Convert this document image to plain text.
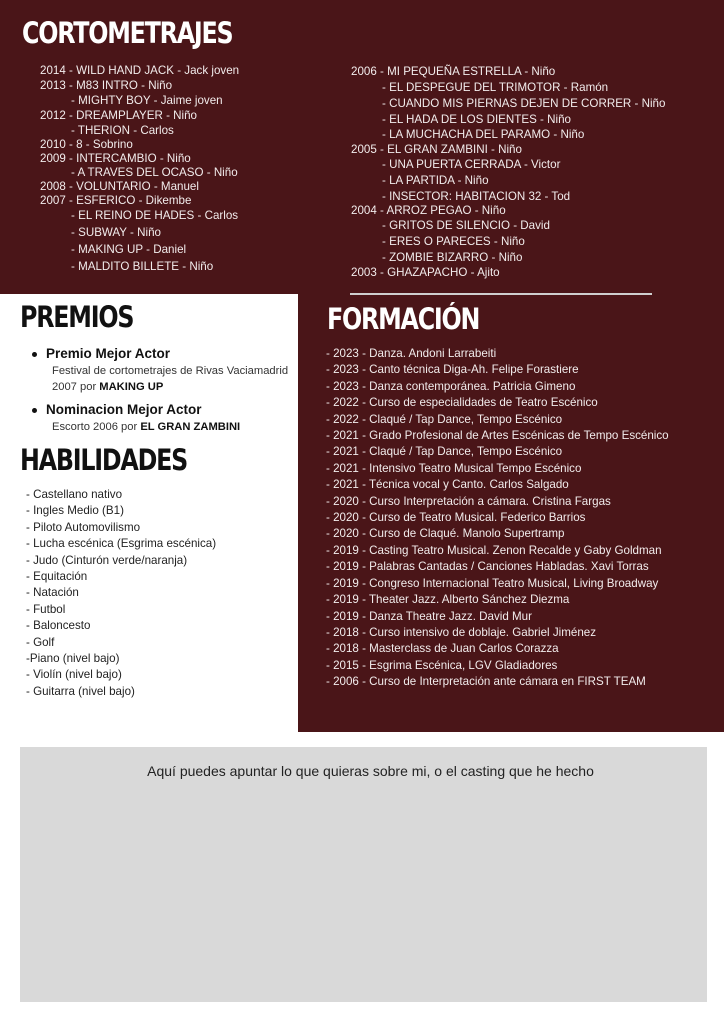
CORTOMETRAJES
2014 - WILD HAND JACK - Jack joven
2013 - M83 INTRO - Niño
- MIGHTY BOY - Jaime joven
2012 - DREAMPLAYER - Niño
- THERION - Carlos
2010 - 8 - Sobrino
2009 - INTERCAMBIO - Niño
- A TRAVES DEL OCASO - Niño
2008 - VOLUNTARIO - Manuel
2007 - ESFERICO - Dikembe
- EL REINO DE HADES - Carlos
- SUBWAY - Niño
- MAKING UP - Daniel
- MALDITO BILLETE - Niño
2006 - MI PEQUEÑA ESTRELLA - Niño
- EL DESPEGUE DEL TRIMOTOR - Ramón
- CUANDO MIS PIERNAS DEJEN DE CORRER - Niño
- EL HADA DE LOS DIENTES - Niño
- LA MUCHACHA DEL PARAMO - Niño
2005 - EL GRAN ZAMBINI - Niño
- UNA PUERTA CERRADA - Victor
- LA PARTIDA - Niño
- INSECTOR: HABITACION 32 - Tod
2004 - ARROZ PEGAO - Niño
- GRITOS DE SILENCIO - David
- ERES O PARECES - Niño
- ZOMBIE BIZARRO - Niño
2003 - GHAZAPACHO - Ajito
PREMIOS
Premio Mejor Actor
Festival de cortometrajes de Rivas Vaciamadrid 2007 por MAKING UP
Nominacion Mejor Actor
Escorto 2006 por EL GRAN ZAMBINI
HABILIDADES
- Castellano nativo
- Ingles Medio (B1)
- Piloto Automovilismo
- Lucha escénica (Esgrima escénica)
- Judo (Cinturón verde/naranja)
- Equitación
- Natación
- Futbol
- Baloncesto
- Golf
-Piano (nivel bajo)
- Violín (nivel bajo)
- Guitarra (nivel bajo)
FORMACIÓN
- 2023 - Danza. Andoni Larrabeiti
- 2023 - Canto técnica Diga-Ah. Felipe Forastiere
- 2023 - Danza contemporánea. Patricia Gimeno
- 2022 - Curso de especialidades de Teatro Escénico
- 2022 - Claqué / Tap Dance, Tempo Escénico
- 2021 - Grado Profesional de Artes Escénicas de Tempo Escénico
- 2021 - Claqué / Tap Dance, Tempo Escénico
- 2021 - Intensivo Teatro Musical Tempo Escénico
- 2021 - Técnica vocal y Canto. Carlos Salgado
- 2020 - Curso Interpretación a cámara. Cristina Fargas
- 2020 - Curso de Teatro Musical. Federico Barrios
- 2020 - Curso de Claqué. Manolo Supertramp
- 2019 - Casting Teatro Musical. Zenon Recalde y Gaby Goldman
- 2019 - Palabras Cantadas / Canciones Habladas. Xavi Torras
- 2019 - Congreso Internacional Teatro Musical, Living Broadway
- 2019 - Theater Jazz. Alberto Sánchez Diezma
- 2019 - Danza Theatre Jazz. David Mur
- 2018 - Curso intensivo de doblaje. Gabriel Jiménez
- 2018 - Masterclass de Juan Carlos Corazza
- 2015 - Esgrima Escénica, LGV Gladiadores
- 2006 - Curso de Interpretación ante cámara en FIRST TEAM
Aquí puedes apuntar lo que quieras sobre mi, o el casting que he hecho
